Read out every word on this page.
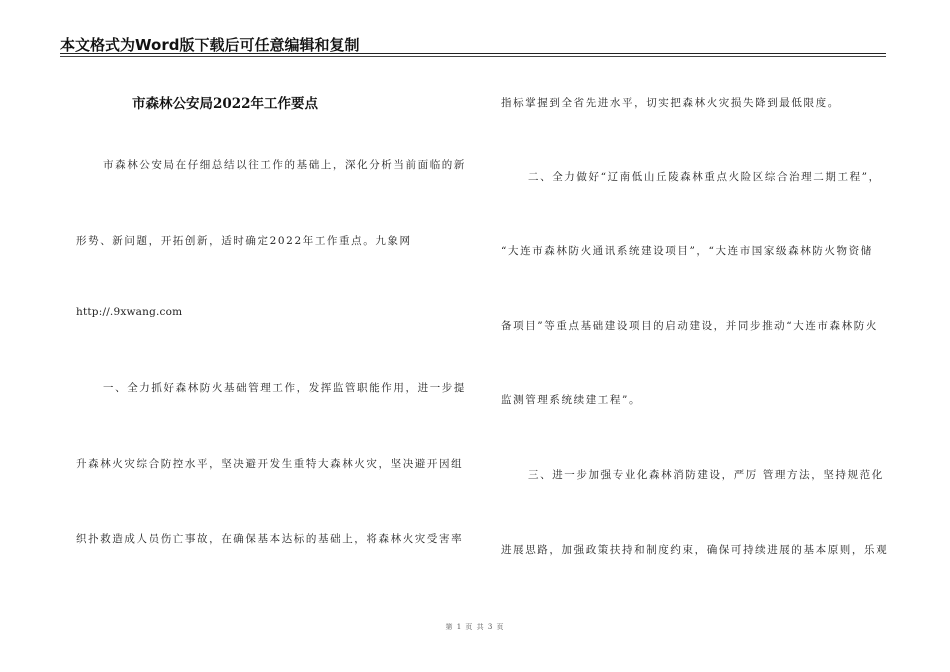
本文格式为Word版下载后可任意编辑和复制
市森林公安局2022年工作要点
市森林公安局在仔细总结以往工作的基础上，深化分析当前面临的新
形势、新问题，开拓创新，适时确定2022年工作重点。九象网
http://.9xwang.com
一、全力抓好森林防火基础管理工作，发挥监管职能作用，进一步提
升森林火灾综合防控水平，坚决避开发生重特大森林火灾，坚决避开因组
织扑救造成人员伤亡事故，在确保基本达标的基础上，将森林火灾受害率
指标掌握到全省先进水平，切实把森林火灾损失降到最低限度。
二、全力做好“辽南低山丘陵森林重点火险区综合治理二期工程”，
“大连市森林防火通讯系统建设项目”，“大连市国家级森林防火物资储
备项目”等重点基础建设项目的启动建设，并同步推动“大连市森林防火
监测管理系统续建工程”。
三、进一步加强专业化森林消防建设，严厉 管理方法，坚持规范化
进展思路，加强政策扶持和制度约束，确保可持续进展的基本原则，乐观
第 1 页 共 3 页
